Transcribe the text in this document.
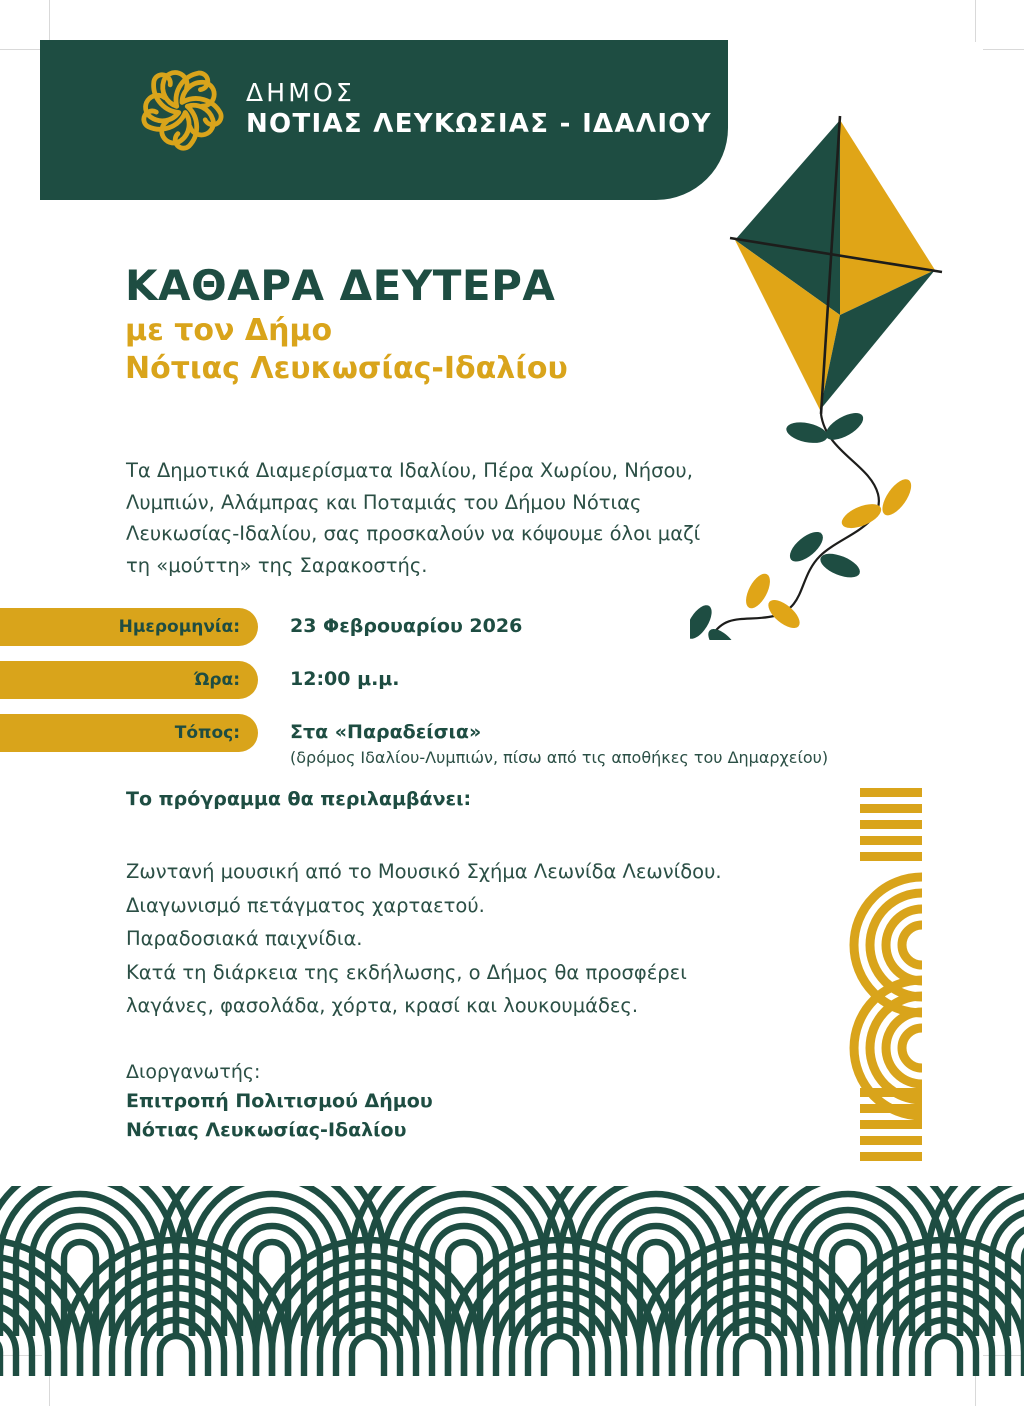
ΔΗΜΟΣ
ΝΟΤΙΑΣ ΛΕΥΚΩΣΙΑΣ - ΙΔΑΛΙΟΥ
ΚΑΘΑΡΑ ΔΕΥΤΕΡΑ
με τον Δήμο
Νότιας Λευκωσίας-Ιδαλίου
Τα Δημοτικά Διαμερίσματα Ιδαλίου, Πέρα Χωρίου, Νήσου, Λυμπιών, Αλάμπρας και Ποταμιάς του Δήμου Νότιας Λευκωσίας-Ιδαλίου, σας προσκαλούν να κόψουμε όλοι μαζί τη «μούττη» της Σαρακοστής.
Ημερομηνία:	23 Φεβρουαρίου 2026
Ώρα:	12:00 μ.μ.
Τόπος:	Στα «Παραδείσια»
(δρόμος Ιδαλίου-Λυμπιών, πίσω από τις αποθήκες του Δημαρχείου)
Το πρόγραμμα θα περιλαμβάνει:
Ζωντανή μουσική από το Μουσικό Σχήμα Λεωνίδα Λεωνίδου.
Διαγωνισμό πετάγματος χαρταετού.
Παραδοσιακά παιχνίδια.
Κατά τη διάρκεια της εκδήλωσης, ο Δήμος θα προσφέρει
λαγάνες, φασολάδα, χόρτα, κρασί και λουκουμάδες.
Διοργανωτής:
Επιτροπή Πολιτισμού Δήμου
Νότιας Λευκωσίας-Ιδαλίου
